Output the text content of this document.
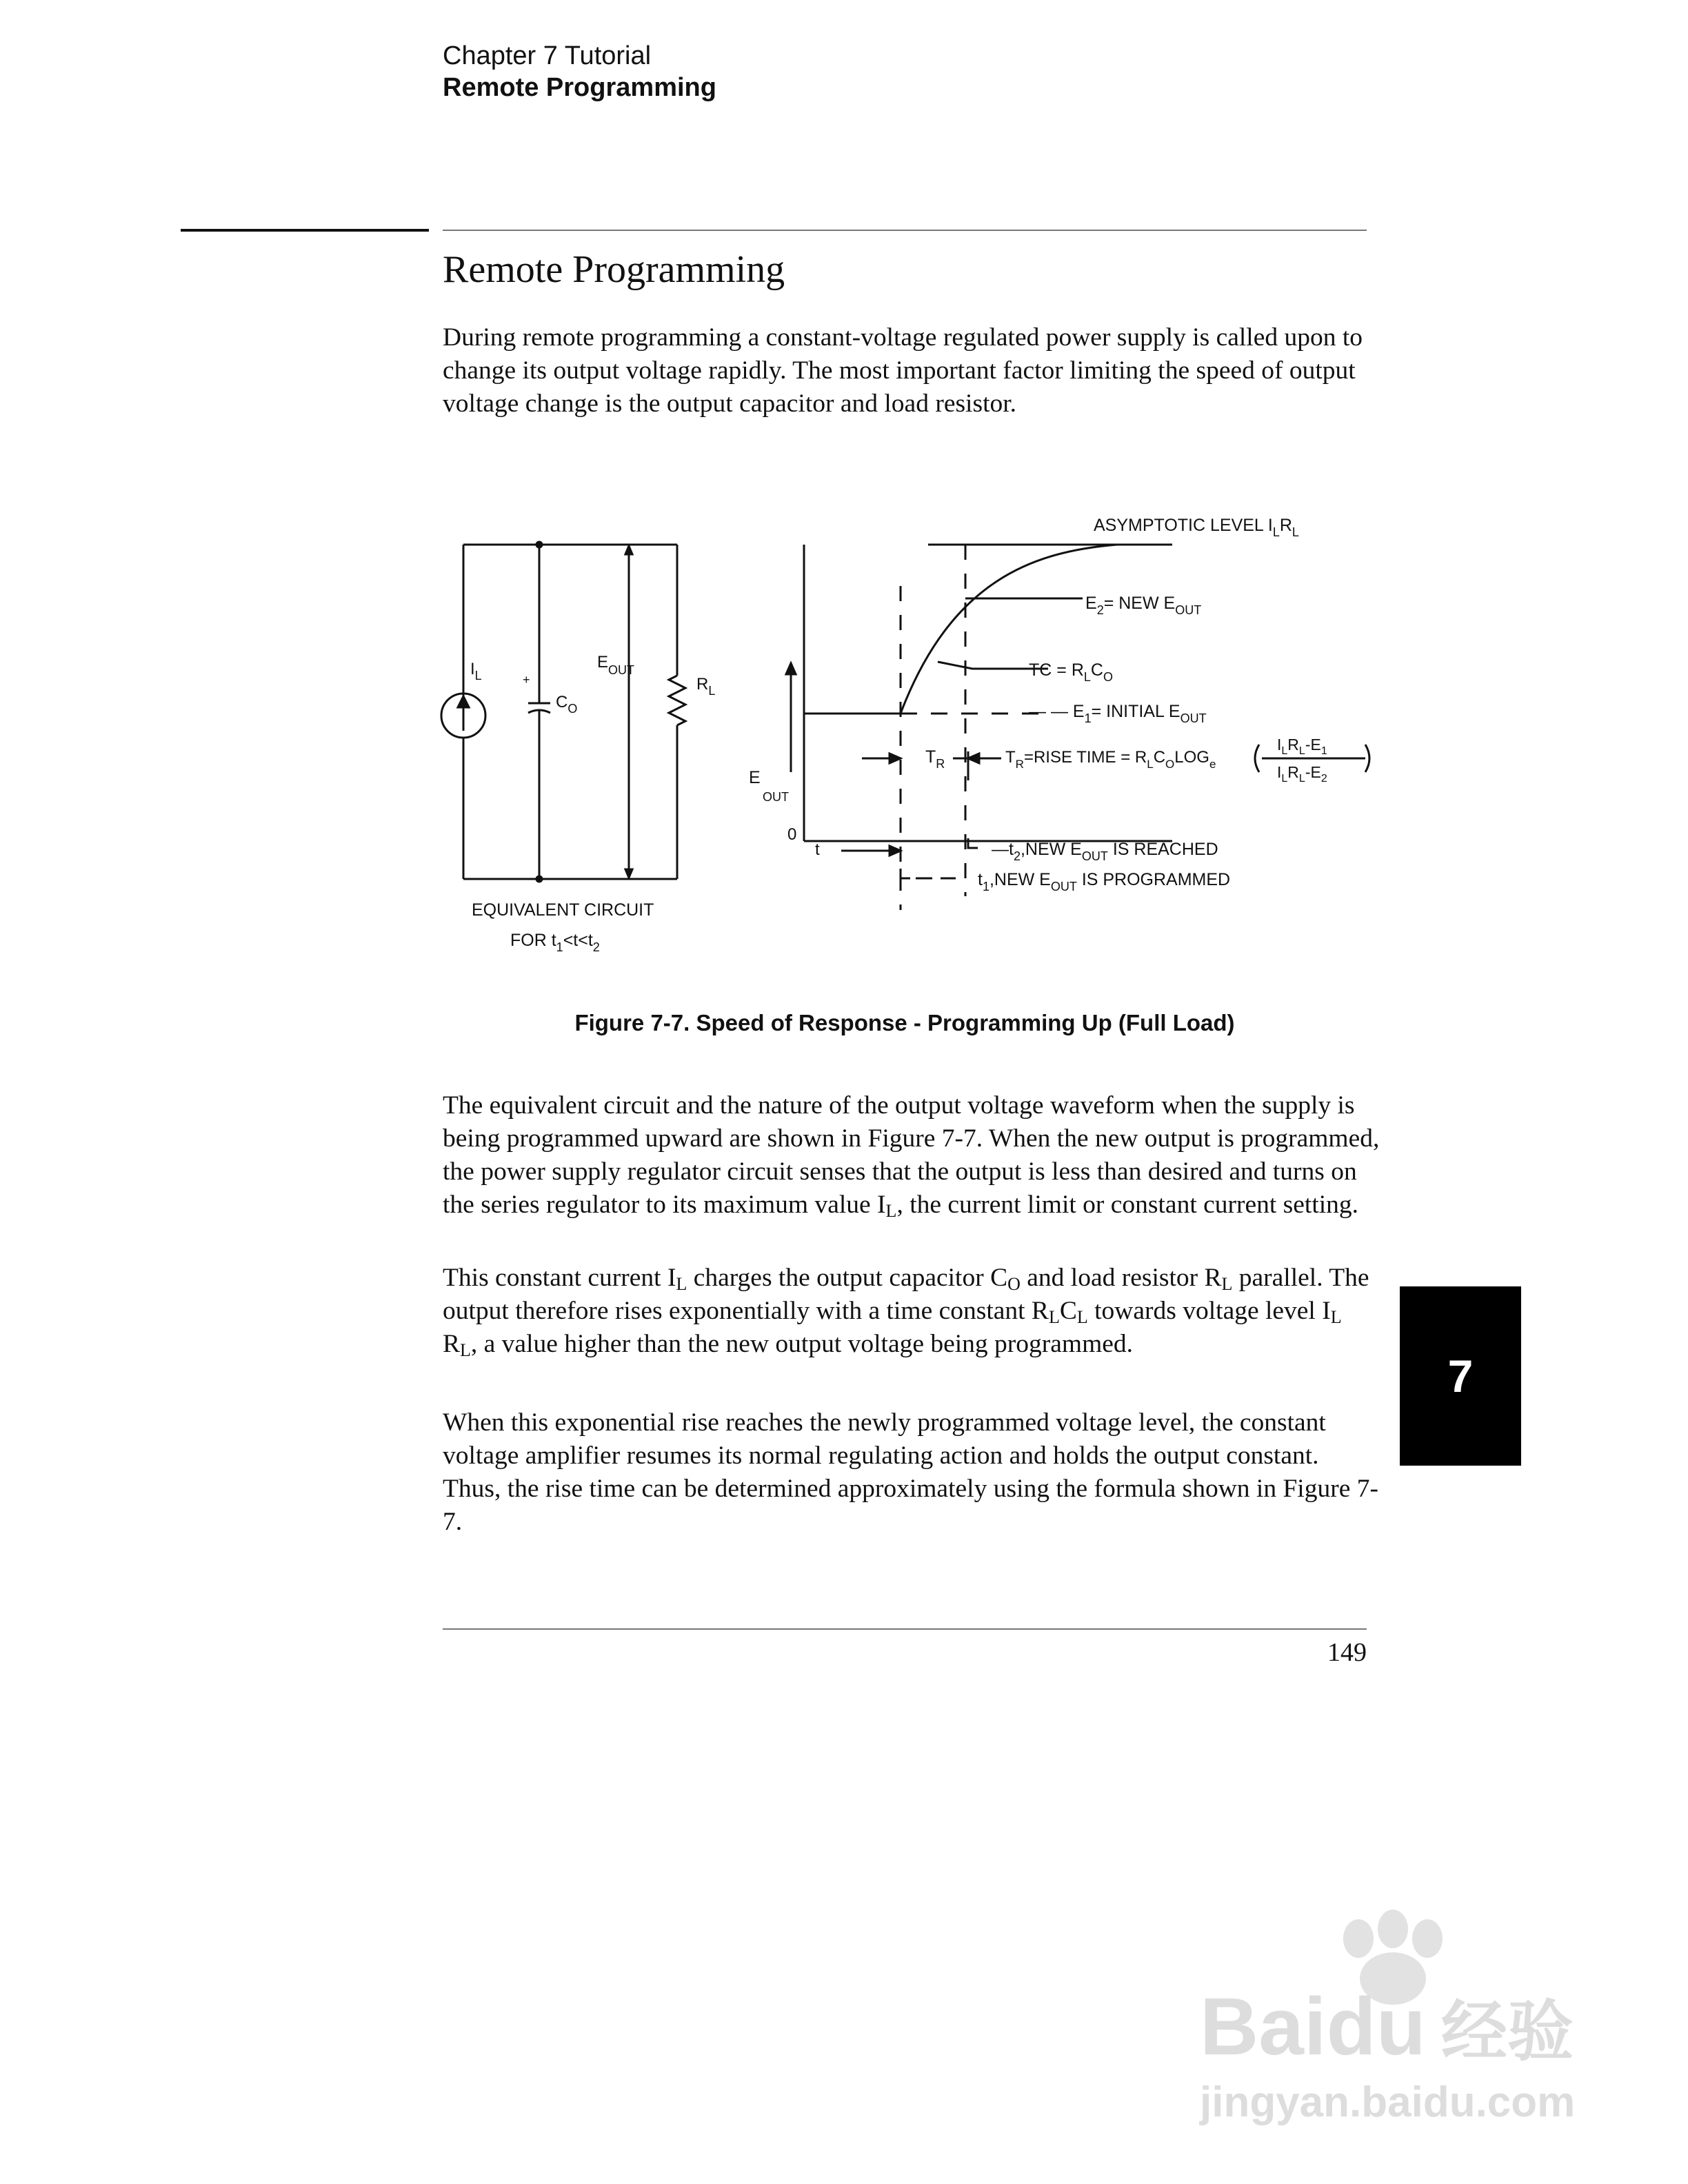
Chapter 7 Tutorial
Remote Programming
Remote Programming
During remote programming a constant-voltage regulated power supply is called upon to change its output voltage rapidly. The most important factor limiting the speed of output voltage change is the output capacitor and load resistor.
$I_L$	+
$C_O$
$E_{OUT}$
$R_L$
EQUIVALENT CIRCUIT
FOR $t_1<t<t_2$
ASYMPTOTIC LEVEL $I_LR_L$
$E_2=$ NEW $E_{OUT}$
TC = $R_LC_O$
— — $E_1=$ INITIAL $E_{OUT}$
$T_R$	$T_R=RISE$ TIME = $R_LC_OLOG_e$
$I_LR_L-E_1$
$I_LR_L-E_2$
E
OUT
0
t	$—t_2,NEW$ $E_{OUT}$ IS REACHED
$t_1,NEW$ $E_{OUT}$ IS PROGRAMMED
Figure 7-7. Speed of Response - Programming Up (Full Load)
The equivalent circuit and the nature of the output voltage waveform when the supply is being programmed upward are shown in Figure 7-7. When the new output is programmed, the power supply regulator circuit senses that the output is less than desired and turns on the series regulator to its maximum value $I_L$, the current limit or constant current setting.
This constant current $I_L$ charges the output capacitor $C_O$ and load resistor $R_L$ parallel. The output therefore rises exponentially with a time constant $R_LC_L$ towards voltage level $I_L$ $R_L$, a value higher than the new output voltage being programmed.
When this exponential rise reaches the newly programmed voltage level, the constant voltage amplifier resumes its normal regulating action and holds the output constant. Thus, the rise time can be determined approximately using the formula shown in Figure 7-7.
149
7
Baidu 经验
jingyan.baidu.com
